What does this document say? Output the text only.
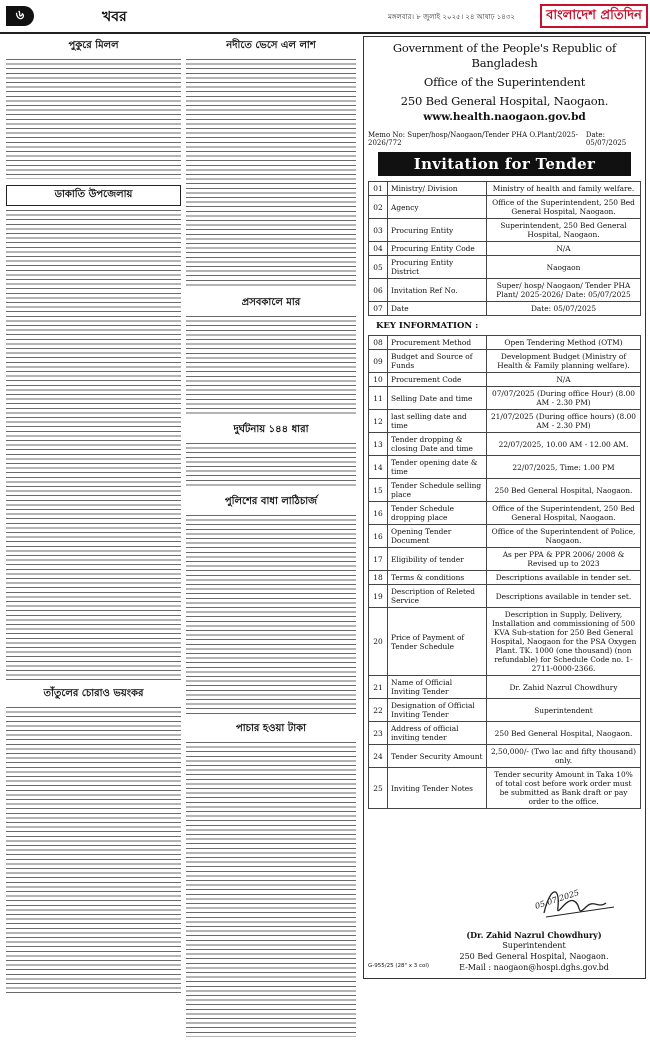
৬	খবর	মঙ্গলবার। ৮ জুলাই ২০২৫। ২৪ আষাঢ় ১৪৩২	বাংলাদেশ প্রতিদিন
পুকুরে মিলল
ডাকাতি উপজেলায়
তাঁতুলের চোরাও ভয়ংকর
নদীতে ভেসে এল লাশ
প্রসবকালে মার
দুর্ঘটনায় ১৪৪ ধারা
পুলিশের বাধা লাঠিচার্জ
পাচার হওয়া টাকা
Government of the People's Republic of Bangladesh
Office of the Superintendent
250 Bed General Hospital, Naogaon.
www.health.naogaon.gov.bd
Memo No: Super/hosp/Naogaon/Tender PHA O.Plant/2025-2026/772
Date: 05/07/2025
Invitation for Tender
01	Ministry/ Division	Ministry of health and family welfare.
02	Agency	Office of the Superintendent, 250 Bed General Hospital, Naogaon.
03	Procuring Entity	Superintendent, 250 Bed General Hospital, Naogaon.
04	Procuring Entity Code	N/A
05	Procuring Entity District	Naogaon
06	Invitation Ref No.	Super/ hosp/ Naogaon/ Tender PHA Plant/ 2025-2026/ Date: 05/07/2025
07	Date	Date: 05/07/2025
KEY INFORMATION :
08	Procurement Method	Open Tendering Method (OTM)
09	Budget and Source of Funds	Development Budget (Ministry of Health & Family planning welfare).
10	Procurement Code	N/A
11	Selling Date and time	07/07/2025 (During office Hour) (8.00 AM - 2.30 PM)
12	last selling date and time	21/07/2025 (During office hours) (8.00 AM - 2.30 PM)
13	Tender dropping & closing Date and time	22/07/2025, 10.00 AM - 12.00 AM.
14	Tender opening date & time	22/07/2025, Time: 1.00 PM
15	Tender Schedule selling place	250 Bed General Hospital, Naogaon.
16	Tender Schedule dropping place	Office of the Superintendent, 250 Bed General Hospital, Naogaon.
16	Opening Tender Document	Office of the Superintendent of Police, Naogaon.
17	Eligibility of tender	As per PPA & PPR 2006/ 2008 & Revised up to 2023
18	Terms & conditions	Descriptions available in tender set.
19	Description of Releted Service	Descriptions available in tender set.
20	Price of Payment of Tender Schedule	Description in Supply, Delivery, Installation and commissioning of 500 KVA Sub-station for 250 Bed General Hospital, Naogaon for the PSA Oxygen Plant. TK. 1000 (one thousand) (non refundable) for Schedule Code no. 1-2711-0000-2366.
21	Name of Official Inviting Tender	Dr. Zahid Nazrul Chowdhury
22	Designation of Official Inviting Tender	Superintendent
23	Address of official inviting tender	250 Bed General Hospital, Naogaon.
24	Tender Security Amount	2,50,000/- (Two lac and fifty thousand) only.
25	Inviting Tender Notes	Tender security Amount in Taka 10% of total cost before work order must be submitted as Bank draft or pay order to the office.
05.07.2025
(Dr. Zahid Nazrul Chowdhury)
Superintendent
250 Bed General Hospital, Naogaon.
E-Mail : naogaon@hospi.dghs.gov.bd
G-955/25 (28" x 3 col)
